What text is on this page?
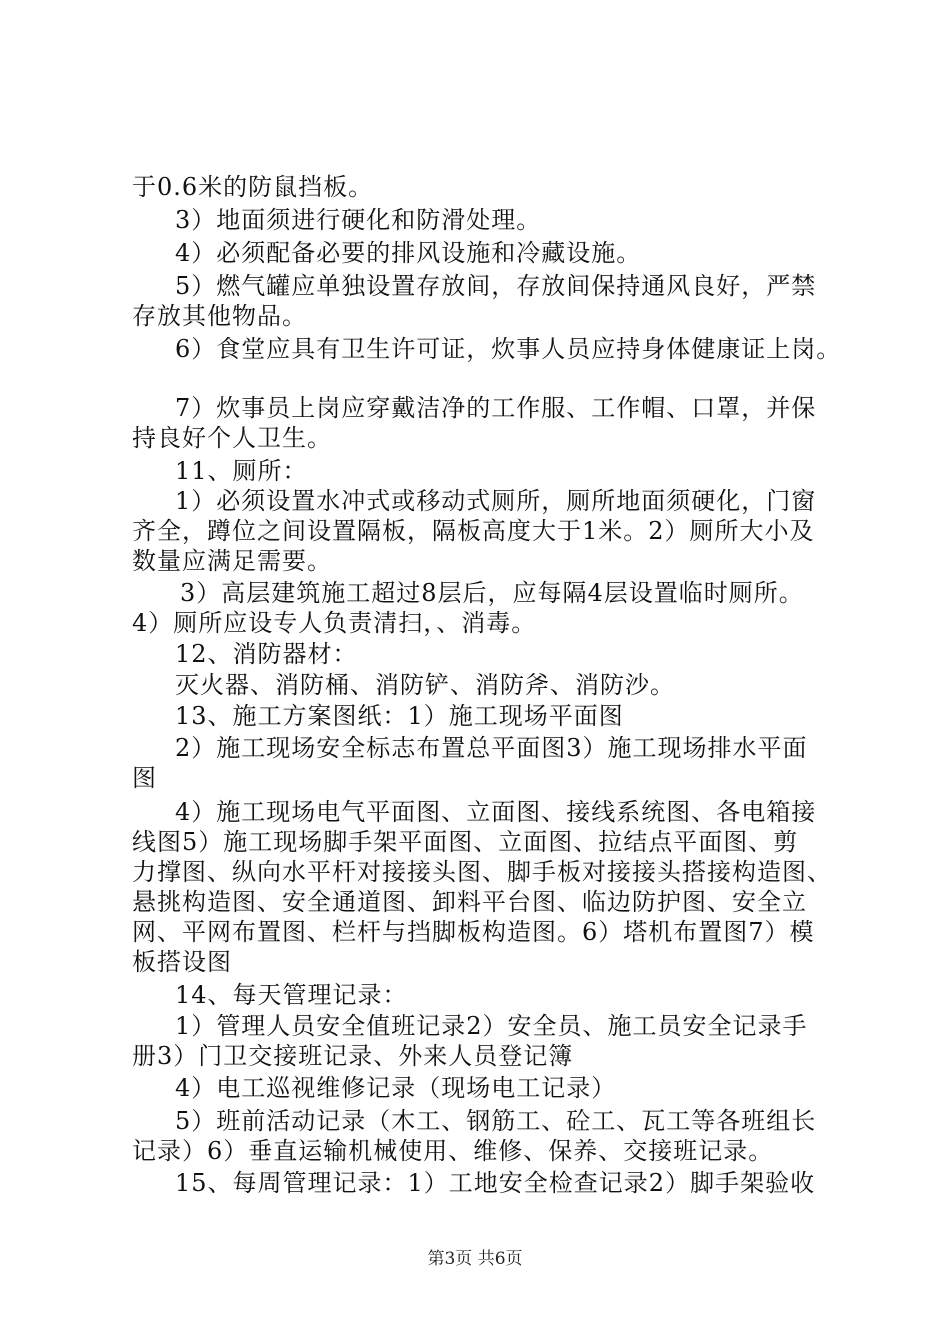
于0.6米的防鼠挡板。
3）地面须进行硬化和防滑处理。
4）必须配备必要的排风设施和冷藏设施。
5）燃气罐应单独设置存放间，存放间保持通风良好，严禁
存放其他物品。
6）食堂应具有卫生许可证，炊事人员应持身体健康证上岗。
7）炊事员上岗应穿戴洁净的工作服、工作帽、口罩，并保
持良好个人卫生。
11、厕所：
1）必须设置水冲式或移动式厕所，厕所地面须硬化，门窗
齐全，蹲位之间设置隔板，隔板高度大于1米。2）厕所大小及
数量应满足需要。
3）高层建筑施工超过8层后，应每隔4层设置临时厕所。
4）厕所应设专人负责清扫，、消毒。
12、消防器材：
灭火器、消防桶、消防铲、消防斧、消防沙。
13、施工方案图纸：1）施工现场平面图
2）施工现场安全标志布置总平面图3）施工现场排水平面
图
4）施工现场电气平面图、立面图、接线系统图、各电箱接
线图5）施工现场脚手架平面图、立面图、拉结点平面图、剪
力撑图、纵向水平杆对接接头图、脚手板对接接头搭接构造图、
悬挑构造图、安全通道图、卸料平台图、临边防护图、安全立
网、平网布置图、栏杆与挡脚板构造图。6）塔机布置图7）模
板搭设图
14、每天管理记录：
1）管理人员安全值班记录2）安全员、施工员安全记录手
册3）门卫交接班记录、外来人员登记簿
4）电工巡视维修记录（现场电工记录）
5）班前活动记录（木工、钢筋工、砼工、瓦工等各班组长
记录）6）垂直运输机械使用、维修、保养、交接班记录。
15、每周管理记录：1）工地安全检查记录2）脚手架验收
第3页 共6页
